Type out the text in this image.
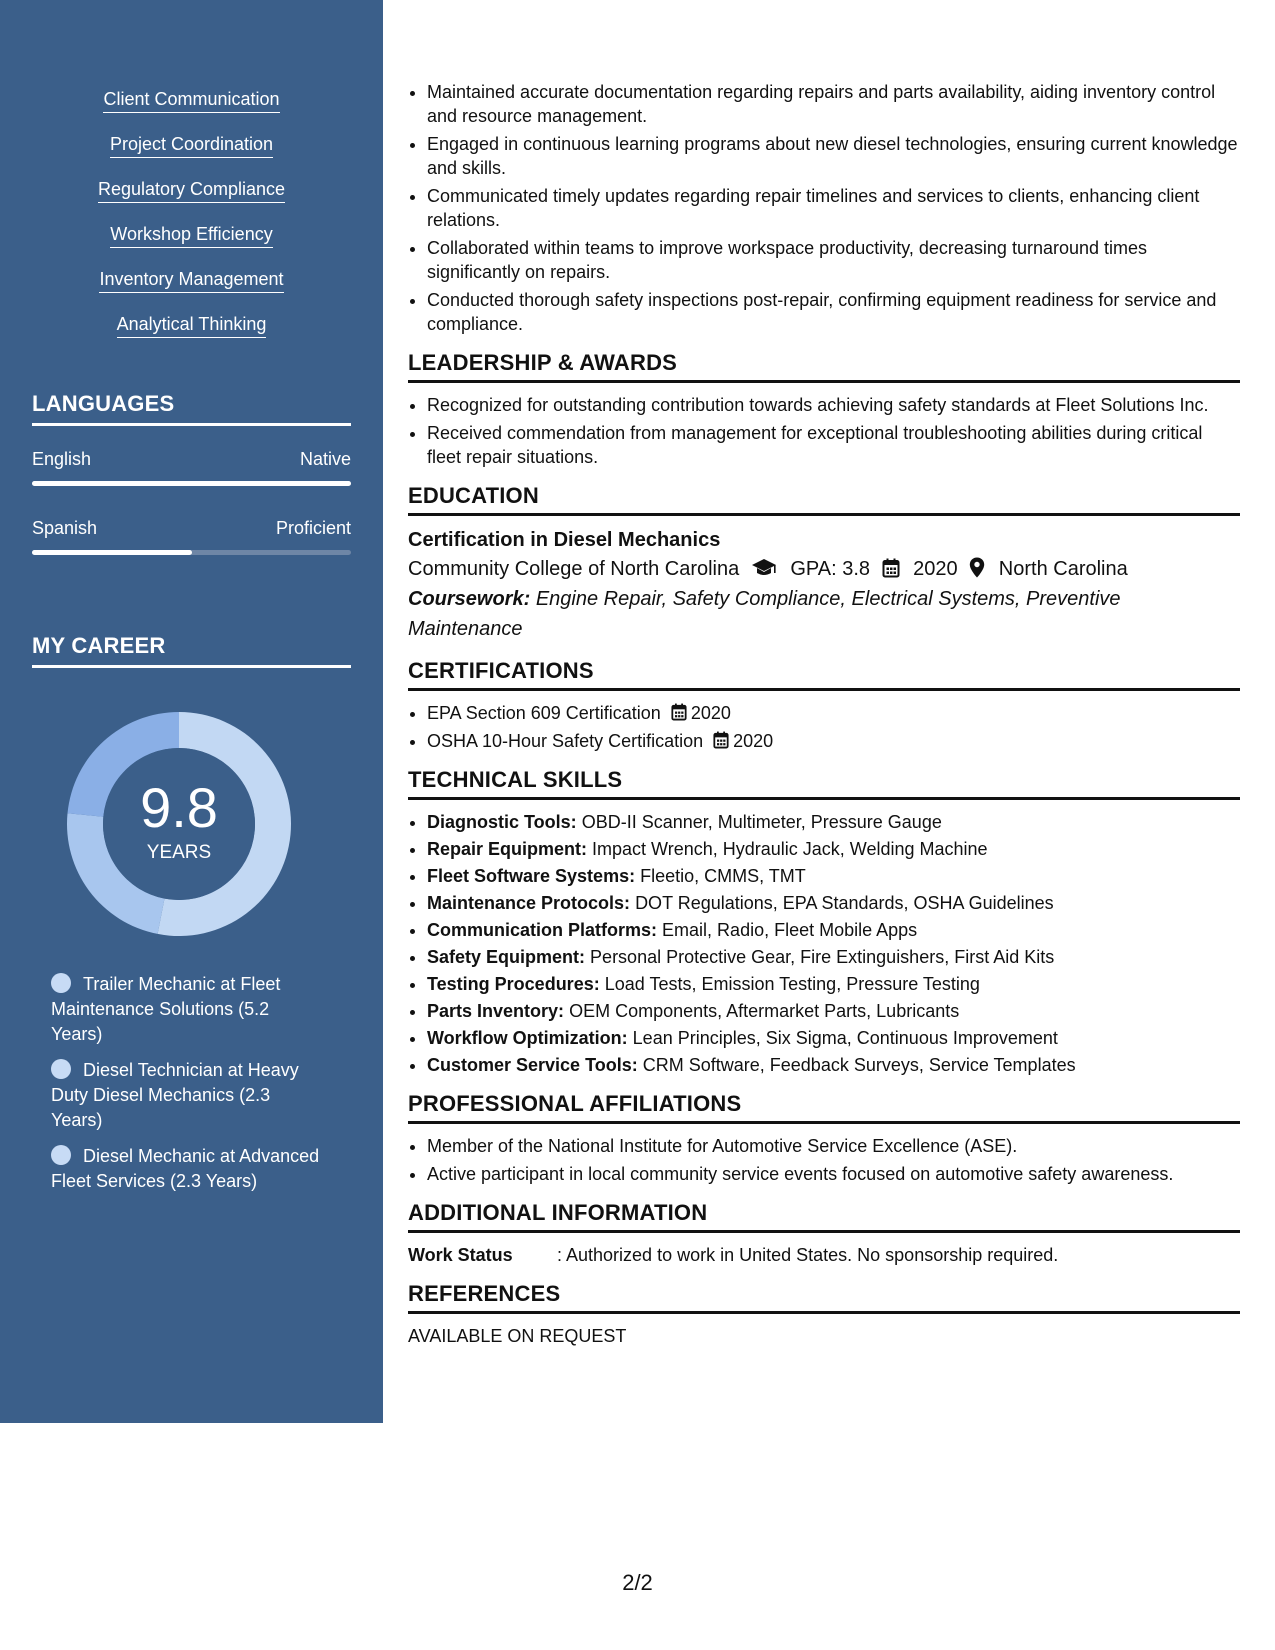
Client Communication
Project Coordination
Regulatory Compliance
Workshop Efficiency
Inventory Management
Analytical Thinking
LANGUAGES
English	Native
Spanish	Proficient
MY CAREER
9.8
YEARS
Trailer Mechanic at Fleet Maintenance Solutions (5.2 Years)
Diesel Technician at Heavy Duty Diesel Mechanics (2.3 Years)
Diesel Mechanic at Advanced Fleet Services (2.3 Years)
• Maintained accurate documentation regarding repairs and parts availability, aiding inventory control and resource management.
• Engaged in continuous learning programs about new diesel technologies, ensuring current knowledge and skills.
• Communicated timely updates regarding repair timelines and services to clients, enhancing client relations.
• Collaborated within teams to improve workspace productivity, decreasing turnaround times significantly on repairs.
• Conducted thorough safety inspections post-repair, confirming equipment readiness for service and compliance.
LEADERSHIP & AWARDS
• Recognized for outstanding contribution towards achieving safety standards at Fleet Solutions Inc.
• Received commendation from management for exceptional troubleshooting abilities during critical fleet repair situations.
EDUCATION
Certification in Diesel Mechanics
Community College of North Carolina	GPA: 3.8 2020 North Carolina
Coursework: Engine Repair, Safety Compliance, Electrical Systems, Preventive Maintenance
CERTIFICATIONS
• EPA Section 609 Certification 2020
• OSHA 10-Hour Safety Certification 2020
TECHNICAL SKILLS
• Diagnostic Tools: OBD-II Scanner, Multimeter, Pressure Gauge
• Repair Equipment: Impact Wrench, Hydraulic Jack, Welding Machine
• Fleet Software Systems: Fleetio, CMMS, TMT
• Maintenance Protocols: DOT Regulations, EPA Standards, OSHA Guidelines
• Communication Platforms: Email, Radio, Fleet Mobile Apps
• Safety Equipment: Personal Protective Gear, Fire Extinguishers, First Aid Kits
• Testing Procedures: Load Tests, Emission Testing, Pressure Testing
• Parts Inventory: OEM Components, Aftermarket Parts, Lubricants
• Workflow Optimization: Lean Principles, Six Sigma, Continuous Improvement
• Customer Service Tools: CRM Software, Feedback Surveys, Service Templates
PROFESSIONAL AFFILIATIONS
• Member of the National Institute for Automotive Service Excellence (ASE).
• Active participant in local community service events focused on automotive safety awareness.
ADDITIONAL INFORMATION
Work Status : Authorized to work in United States. No sponsorship required.
REFERENCES
AVAILABLE ON REQUEST
2/2
